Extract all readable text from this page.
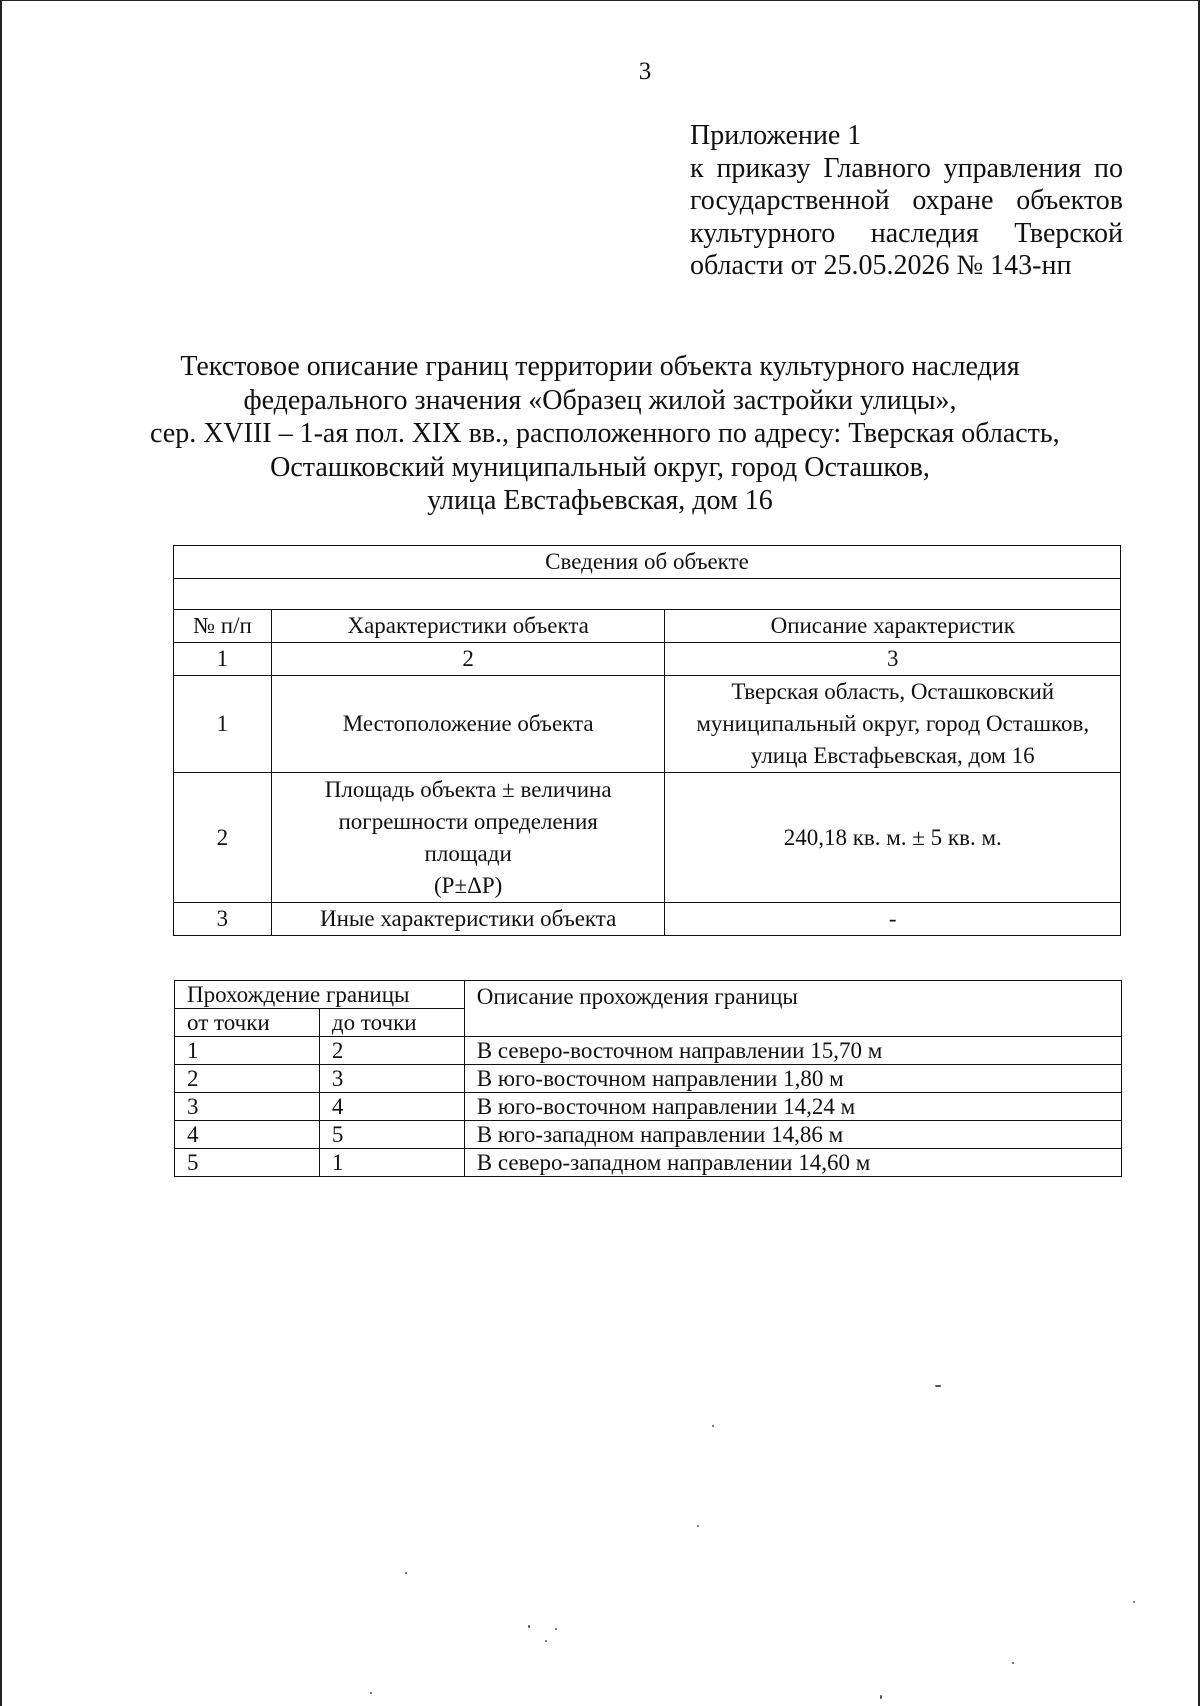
3
Приложение 1
к приказу Главного управления по
государственной охране объектов
культурного наследия Тверской
области от 25.05.2026 № 143-нп
Текстовое описание границ территории объекта культурного наследия
федерального значения «Образец жилой застройки улицы»,
сер. XVIII – 1-ая пол. XIX вв., расположенного по адресу: Тверская область,
Осташковский муниципальный округ, город Осташков,
улица Евстафьевская, дом 16
Сведения об объекте		

№ п/п	Характеристики объекта	Описание характеристик
1	2	3
1	Местоположение объекта	Тверская область, Осташковский
муниципальный округ, город Осташков,
улица Евстафьевская, дом 16

2	Площадь объекта ± величина
погрешности определения
площади
(P±ΔP)	240,18 кв. м. ± 5 кв. м.

3	Иные характеристики объекта	-
Прохождение границы		Описание прохождения границы
от точки	до точки	
1	2	В северо-восточном направлении 15,70 м
2	3	В юго-восточном направлении 1,80 м
3	4	В юго-восточном направлении 14,24 м
4	5	В юго-западном направлении 14,86 м
5	1	В северо-западном направлении 14,60 м
